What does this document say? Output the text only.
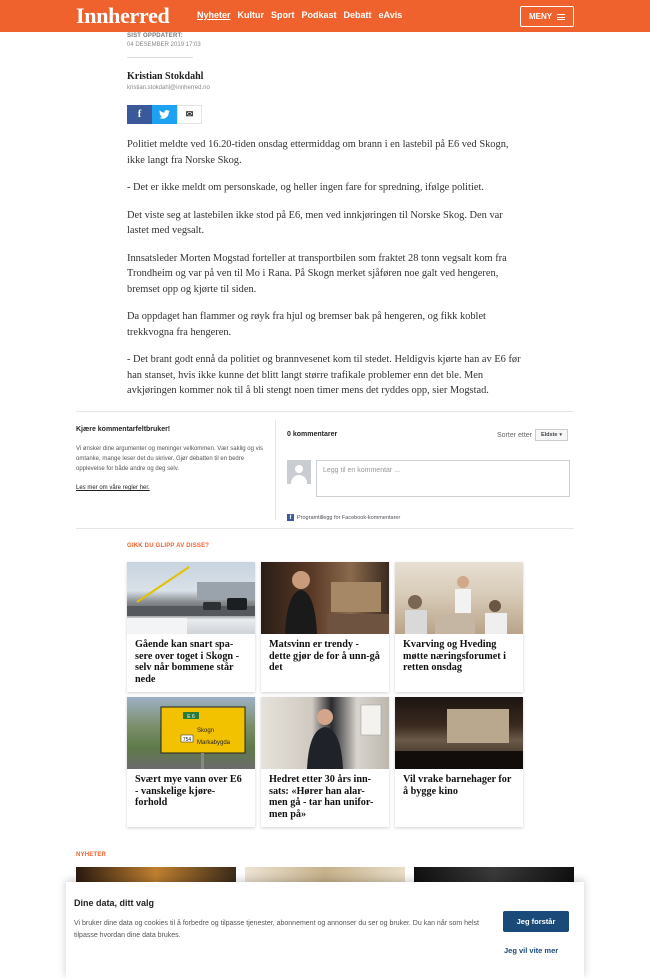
Innherred	Nyheter Kultur Sport Podkast Debatt eAvis	MENY
SIST OPPDATERT:
04 DESEMBER 2019 17:03
Kristian Stokdahl
kristian.stokdahl@innherred.no
f	✉

Politiet meldte ved 16.20-tiden onsdag ettermiddag om brann i en lastebil på E6 ved Skogn, ikke langt fra Norske Skog.

- Det er ikke meldt om personskade, og heller ingen fare for spredning, ifølge politiet.

Det viste seg at lastebilen ikke stod på E6, men ved innkjøringen til Norske Skog. Den var lastet med vegsalt.

Innsatsleder Morten Mogstad forteller at transportbilen som fraktet 28 tonn vegsalt kom fra Trondheim og var på ven til Mo i Rana. På Skogn merket sjåføren noe galt ved hengeren, bremset opp og kjørte til siden.

Da oppdaget han flammer og røyk fra hjul og bremser bak på hengeren, og fikk koblet trekkvogna fra hengeren.

- Det brant godt ennå da politiet og brannvesenet kom til stedet. Heldigvis kjørte han av E6 før han stanset, hvis ikke kunne det blitt langt større trafikale problemer enn det ble. Men avkjøringen kommer nok til å bli stengt noen timer mens det ryddes opp, sier Mogstad.

Kjære kommentarfeltbruker!
Vi ønsker dine argumenter og meninger velkommen. Vær saklig og vis omtanke, mange leser det du skriver. Gjør debatten til en bedre opplevelse for både andre og deg selv.
Les mer om våre regler her.
0 kommentarer	Sorter etter Eldste ▾
Legg til en kommentar ...
f	Programtillegg for Facebook-kommentarer
GIKK DU GLIPP AV DISSE?
Gående kan snart spa-sere over toget i Skogn - selv når bommene står nede
Matsvinn er trendy - dette gjør de for å unn-gå det
Kvarving og Hveding møtte næringsforumet i retten onsdag
E 6
754
Skogn
Markabygda
Svært mye vann over E6 - vanskelige kjøre-forhold
Hedret etter 30 års inn-sats: «Hører han alar-men gå - tar han unifor-men på»
Vil vrake barnehager for å bygge kino
NYHETER
Dine data, ditt valg
Vi bruker dine data og cookies til å forbedre og tilpasse tjenester, abonnement og annonser du ser og bruker. Du kan når som helst tilpasse hvordan dine data brukes.
Jeg forstår
Jeg vil vite mer
